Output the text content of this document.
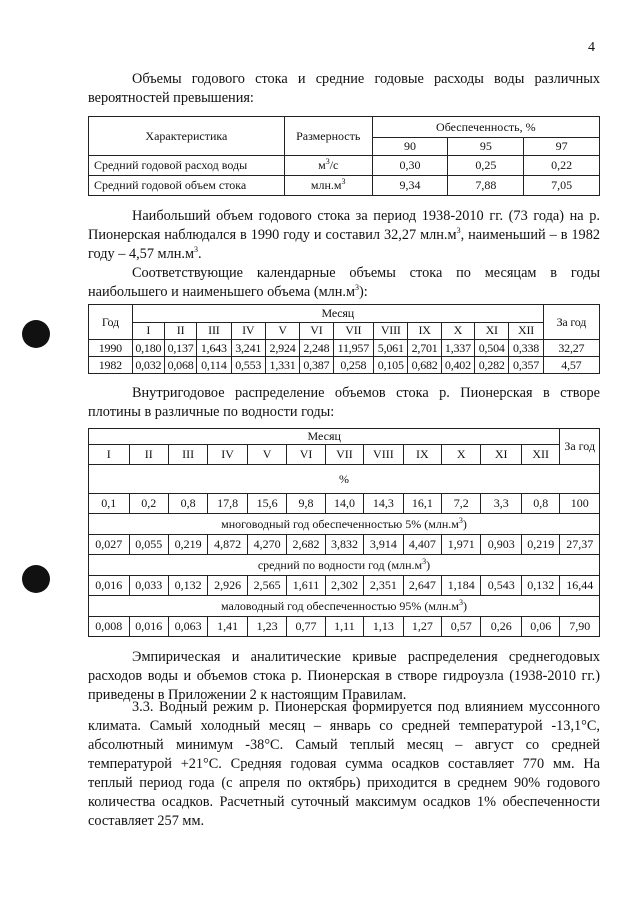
4

Объемы годового стока и средние годовые расходы воды различных вероятностей превышения:

Характеристика	Размерность	Обеспеченность, %		
		90	95	97
Средний годовой расход воды	$м^3/с$	0,30	0,25	0,22
Средний годовой объем стока	$млн.м^3$	9,34	7,88	7,05

Наибольший объем годового стока за период 1938-2010 гг. (73 года) на р. Пионерская наблюдался в 1990 году и составил 32,27 $млн.м^3$, наименьший – в 1982 году – 4,57 $млн.м^3$.

Соответствующие календарные объемы стока по месяцам в годы наибольшего и наименьшего объема $(млн.м^3)$:

Год	Месяц												За год
	I	II	III	IV	V	VI	VII	VIII	IX	X	XI	XII	
1990	0,180	0,137	1,643	3,241	2,924	2,248	11,957	5,061	2,701	1,337	0,504	0,338	32,27
1982	0,032	0,068	0,114	0,553	1,331	0,387	0,258	0,105	0,682	0,402	0,282	0,357	4,57

Внутригодовое распределение объемов стока р. Пионерская в створе плотины в различные по водности годы:

Месяц												За год
I	II	III	IV	V	VI	VII	VIII	IX	X	XI	XII	
%												
0,1	0,2	0,8	17,8	15,6	9,8	14,0	14,3	16,1	7,2	3,3	0,8	100
многоводный год обеспеченностью 5% $(млн.м^3)$												
0,027	0,055	0,219	4,872	4,270	2,682	3,832	3,914	4,407	1,971	0,903	0,219	27,37
средний по водности год $(млн.м^3)$												
0,016	0,033	0,132	2,926	2,565	1,611	2,302	2,351	2,647	1,184	0,543	0,132	16,44
маловодный год обеспеченностью 95% $(млн.м^3)$												
0,008	0,016	0,063	1,41	1,23	0,77	1,11	1,13	1,27	0,57	0,26	0,06	7,90

Эмпирическая и аналитические кривые распределения среднегодовых расходов воды и объемов стока р. Пионерская в створе гидроузла (1938-2010 гг.) приведены в Приложении 2 к настоящим Правилам.

3.3. Водный режим р. Пионерская формируется под влиянием муссонного климата. Самый холодный месяц – январь со средней температурой -13,1°С, абсолютный минимум -38°С. Самый теплый месяц – август со средней температурой +21°С. Средняя годовая сумма осадков составляет 770 мм. На теплый период года (с апреля по октябрь) приходится в среднем 90% годового количества осадков. Расчетный суточный максимум осадков 1% обеспеченности составляет 257 мм.
